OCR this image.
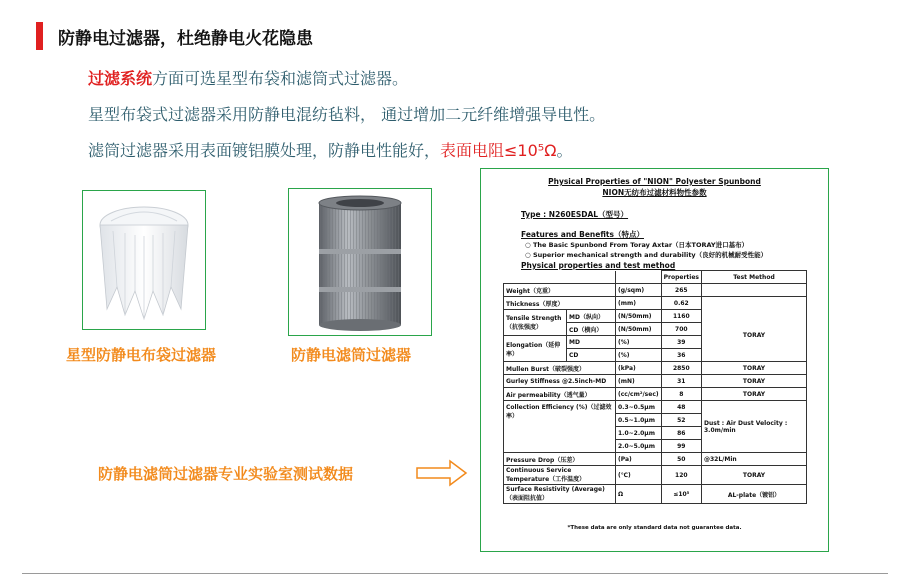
防静电过滤器，杜绝静电火花隐患
过滤系统方面可选星型布袋和滤筒式过滤器。
星型布袋式过滤器采用防静电混纺毡料， 通过增加二元纤维增强导电性。
滤筒过滤器采用表面镀铝膜处理，防静电性能好，表面电阻≤10⁵Ω。
星型防静电布袋过滤器	防静电滤筒过滤器
防静电滤筒过滤器专业实验室测试数据
Physical Properties of "NION" Polyester Spunbond
NION无纺布过滤材料物性参数
Type : N260ESDAL（型号）
Features and Benefits（特点）
○ The Basic Spunbond From Toray Axtar（日本TORAY进口基布）
○ Superior mechanical strength and durability（良好的机械耐受性能）
Physical properties and test method
			Properties	Test Method
Weight（克重）		(g/sqm)	265	
Thickness（厚度）		(mm)	0.62	
Tensile Strength（抗张强度）	MD（纵向）	(N/50mm)	1160	TORAY
	CD（横向）	(N/50mm)	700	
Elongation（延伸率）	MD	(%)	39	
	CD	(%)	36	
Mullen Burst（破裂强度）		(kPa)	2850	TORAY
Gurley Stiffness @2.5inch-MD		(mN)	31	TORAY
Air permeability（透气量）		(cc/cm²/sec)	8	TORAY
Collection Efficiency (%)（过滤效率）		0.3~0.5μm	48	Dust : Air Dust Velocity : 3.0m/min
		0.5~1.0μm	52	
		1.0~2.0μm	86	
		2.0~5.0μm	99	
Pressure Drop（压差）		(Pa)	50	@32L/Min
Continuous Service Temperature（工作温度）		(℃)	120	TORAY
Surface Resistivity (Average)（表面阻抗值）		Ω	≤10⁵	AL-plate（镀铝）
*These data are only standard data not guarantee data.
